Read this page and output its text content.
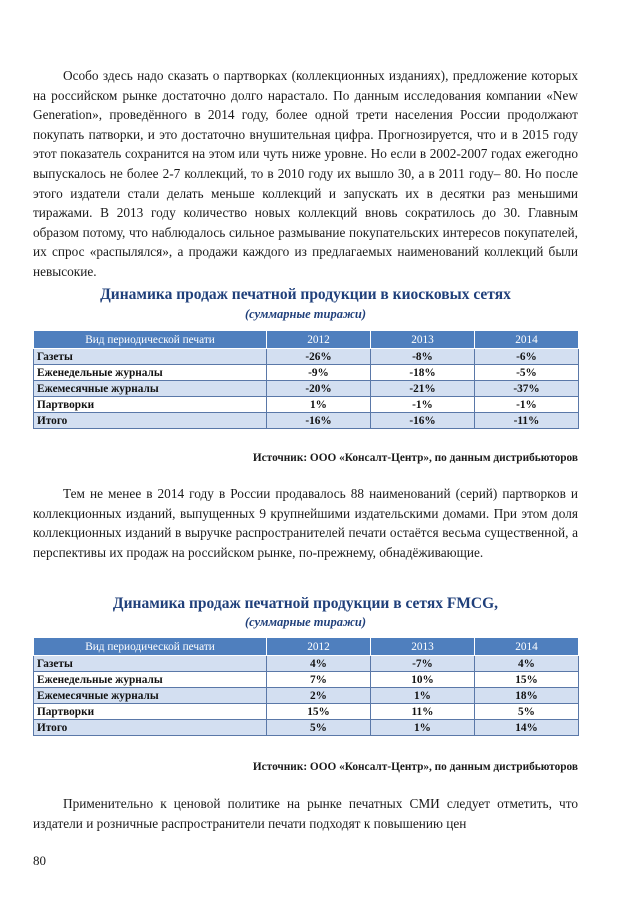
Особо здесь надо сказать о партворках (коллекционных изданиях), предложение которых на российском рынке достаточно долго нарастало. По данным исследования компании «New Generation», проведённого в 2014 году, более одной трети населения России продолжают покупать патворки, и это достаточно внушительная цифра. Прогнозируется, что и в 2015 году этот показатель сохранится на этом или чуть ниже уровне. Но если в 2002-2007 годах ежегодно выпускалось не более 2-7 коллекций, то в 2010 году их вышло 30, а в 2011 году– 80. Но после этого издатели стали делать меньше коллекций и запускать их в десятки раз меньшими тиражами. В 2013 году количество новых коллекций вновь сократилось до 30. Главным образом потому, что наблюдалось сильное размывание покупательских интересов покупателей, их спрос «распылялся», а продажи каждого из предлагаемых наименований коллекций были невысокие.

Динамика продаж печатной продукции в киосковых сетях

(суммарные тиражи)

Вид периодической печати	2012	2013	2014
Газеты	-26%	-8%	-6%
Еженедельные журналы	-9%	-18%	-5%
Ежемесячные журналы	-20%	-21%	-37%
Партворки	1%	-1%	-1%
Итого	-16%	-16%	-11%

Источник: ООО «Консалт-Центр», по данным дистрибьюторов

Тем не менее в 2014 году в России продавалось 88 наименований (серий) партворков и коллекционных изданий, выпущенных 9 крупнейшими издательскими домами. При этом доля коллекционных изданий в выручке распространителей печати остаётся весьма существенной, а перспективы их продаж на российском рынке, по-прежнему, обнадёживающие.

Динамика продаж печатной продукции в сетях FMCG,

(суммарные тиражи)

Вид периодической печати	2012	2013	2014
Газеты	4%	-7%	4%
Еженедельные журналы	7%	10%	15%
Ежемесячные журналы	2%	1%	18%
Партворки	15%	11%	5%
Итого	5%	1%	14%

Источник: ООО «Консалт-Центр», по данным дистрибьюторов

Применительно к ценовой политике на рынке печатных СМИ следует отметить, что издатели и розничные распространители печати подходят к повышению цен

80
